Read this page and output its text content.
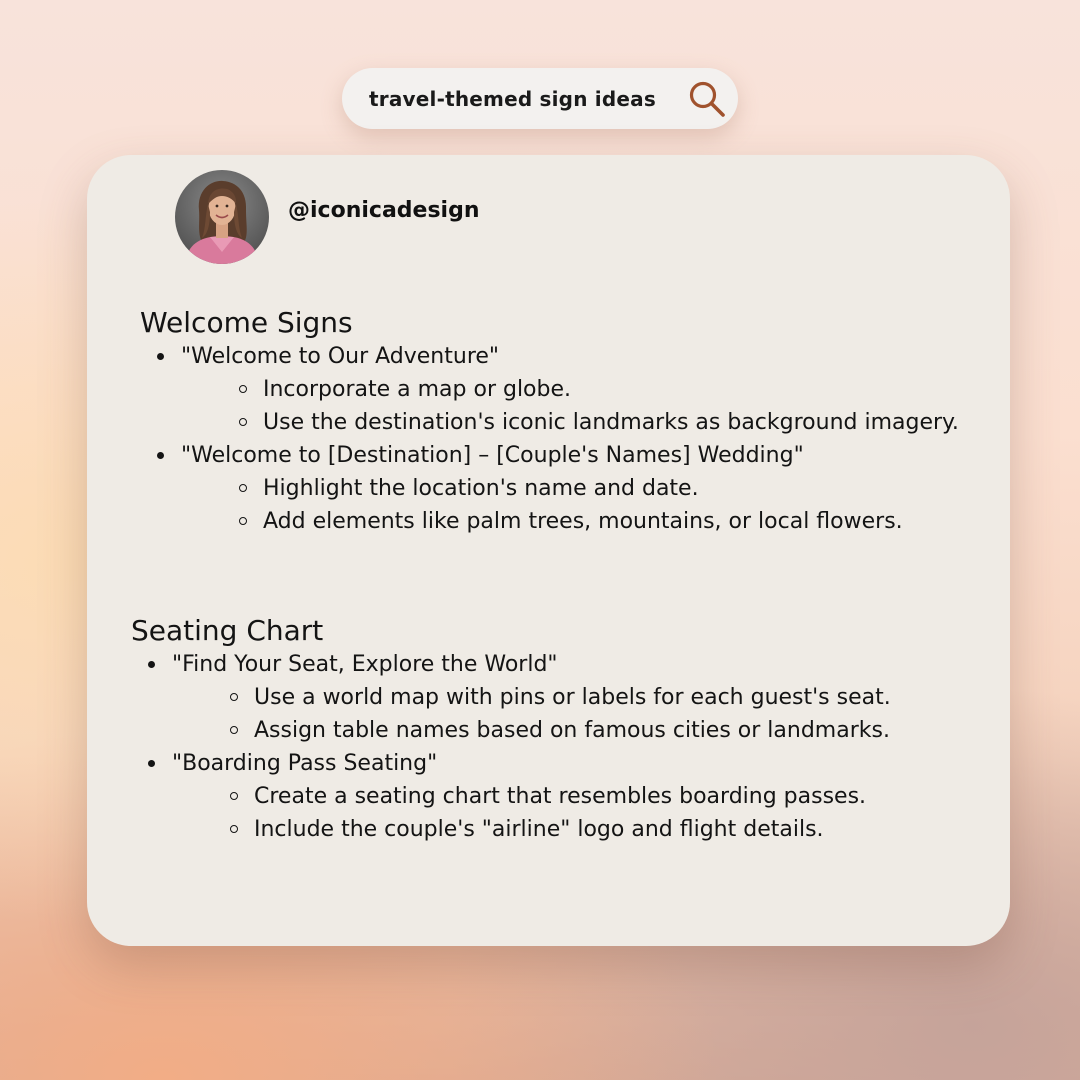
travel-themed sign ideas
@iconicadesign
Welcome Signs
"Welcome to Our Adventure"
Incorporate a map or globe.
Use the destination's iconic landmarks as background imagery.
"Welcome to [Destination] – [Couple's Names] Wedding"
Highlight the location's name and date.
Add elements like palm trees, mountains, or local flowers.
Seating Chart
"Find Your Seat, Explore the World"
Use a world map with pins or labels for each guest's seat.
Assign table names based on famous cities or landmarks.
"Boarding Pass Seating"
Create a seating chart that resembles boarding passes.
Include the couple's "airline" logo and flight details.
